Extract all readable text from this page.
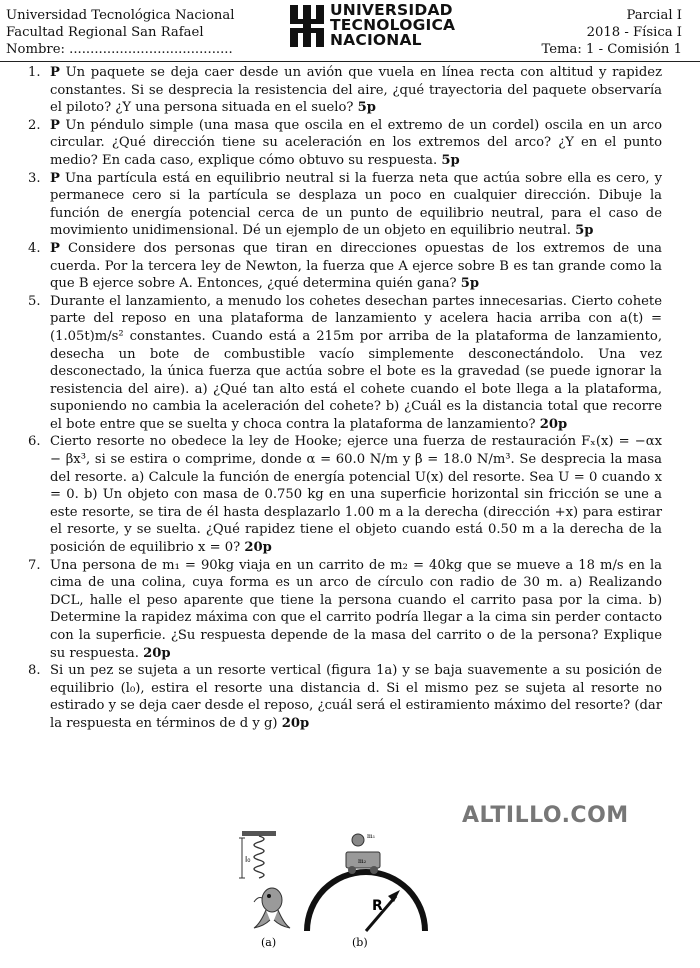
Universidad Tecnológica Nacional
Facultad Regional San Rafael
Nombre: .......................................
UNIVERSIDAD
TECNOLOGICA
NACIONAL
Parcial I
2018 - Física I
Tema: 1 - Comisión 1
1. P Un paquete se deja caer desde un avión que vuela en línea recta con altitud y rapidez constantes. Si se desprecia la resistencia del aire, ¿qué trayectoria del paquete observaría el piloto? ¿Y una persona situada en el suelo? 5p
2. P Un péndulo simple (una masa que oscila en el extremo de un cordel) oscila en un arco circular. ¿Qué dirección tiene su aceleración en los extremos del arco? ¿Y en el punto medio? En cada caso, explique cómo obtuvo su respuesta. 5p
3. P Una partícula está en equilibrio neutral si la fuerza neta que actúa sobre ella es cero, y permanece cero si la partícula se desplaza un poco en cualquier dirección. Dibuje la función de energía potencial cerca de un punto de equilibrio neutral, para el caso de movimiento unidimensional. Dé un ejemplo de un objeto en equilibrio neutral. 5p
4. P Considere dos personas que tiran en direcciones opuestas de los extremos de una cuerda. Por la tercera ley de Newton, la fuerza que A ejerce sobre B es tan grande como la que B ejerce sobre A. Entonces, ¿qué determina quién gana? 5p
5. Durante el lanzamiento, a menudo los cohetes desechan partes innecesarias. Cierto cohete parte del reposo en una plataforma de lanzamiento y acelera hacia arriba con a(t) = (1.05t)m/s² constantes. Cuando está a 215m por arriba de la plataforma de lanzamiento, desecha un bote de combustible vacío simplemente desconectándolo. Una vez desconectado, la única fuerza que actúa sobre el bote es la gravedad (se puede ignorar la resistencia del aire). a) ¿Qué tan alto está el cohete cuando el bote llega a la plataforma, suponiendo no cambia la aceleración del cohete? b) ¿Cuál es la distancia total que recorre el bote entre que se suelta y choca contra la plataforma de lanzamiento? 20p
6. Cierto resorte no obedece la ley de Hooke; ejerce una fuerza de restauración Fₓ(x) = −αx − βx³, si se estira o comprime, donde α = 60.0 N/m y β = 18.0 N/m³. Se desprecia la masa del resorte. a) Calcule la función de energía potencial U(x) del resorte. Sea U = 0 cuando x = 0. b) Un objeto con masa de 0.750 kg en una superficie horizontal sin fricción se une a este resorte, se tira de él hasta desplazarlo 1.00 m a la derecha (dirección +x) para estirar el resorte, y se suelta. ¿Qué rapidez tiene el objeto cuando está 0.50 m a la derecha de la posición de equilibrio x = 0? 20p
7. Una persona de m₁ = 90kg viaja en un carrito de m₂ = 40kg que se mueve a 18 m/s en la cima de una colina, cuya forma es un arco de círculo con radio de 30 m. a) Realizando DCL, halle el peso aparente que tiene la persona cuando el carrito pasa por la cima. b) Determine la rapidez máxima con que el carrito podría llegar a la cima sin perder contacto con la superficie. ¿Su respuesta depende de la masa del carrito o de la persona? Explique su respuesta. 20p
8. Si un pez se sujeta a un resorte vertical (figura 1a) y se baja suavemente a su posición de equilibrio (l₀), estira el resorte una distancia d. Si el mismo pez se sujeta al resorte no estirado y se deja caer desde el reposo, ¿cuál será el estiramiento máximo del resorte? (dar la respuesta en términos de d y g) 20p
ALTILLO.COM
l₀
(a)
R
m₁
m₂
(b)
